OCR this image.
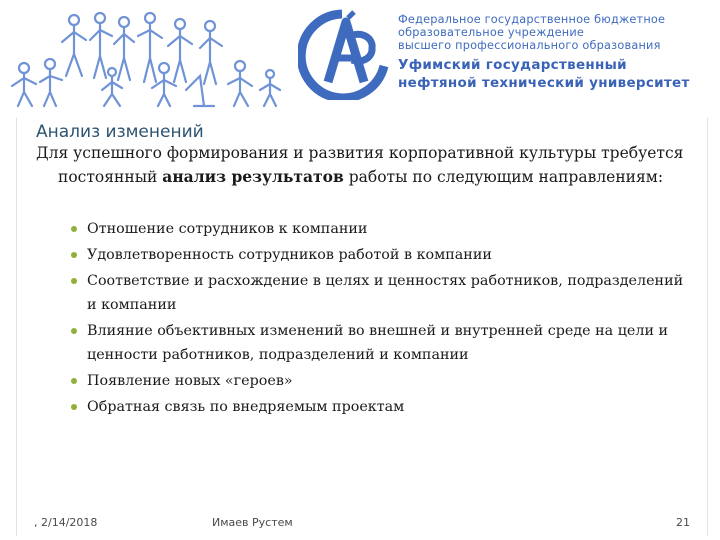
Федеральное государственное бюджетное
образовательное учреждение
высшего профессионального образования
Уфимский государственный
нефтяной технический университет
Анализ изменений

Для успешного формирования и развития корпоративной культуры требуется постоянный анализ результатов работы по следующим направлениям:

Отношение сотрудников к компании
Удовлетворенность сотрудников работой в компании
Соответствие и расхождение в целях и ценностях работников, подразделений и компании
Влияние объективных изменений во внешней и внутренней среде на цели и ценности работников, подразделений и компании
Появление новых «героев»
Обратная связь по внедряемым проектам
, 2/14/2018	Имаев Рустем	21
